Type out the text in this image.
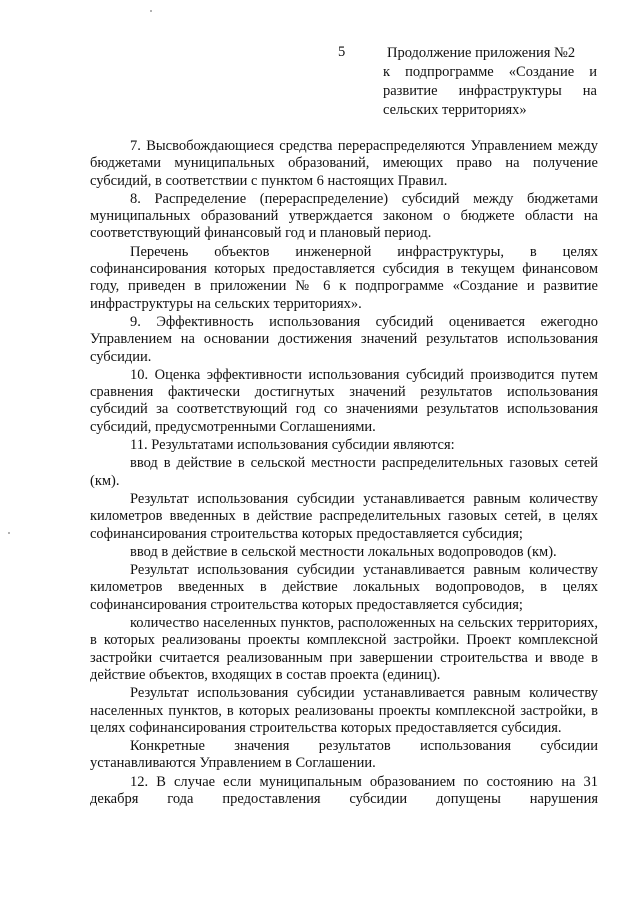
5	Продолжение приложения №2
к подпрограмме «Создание и
развитие инфраструктуры на
сельских территориях»

7. Высвобождающиеся средства перераспределяются Управлением между бюджетами муниципальных образований, имеющих право на получение субсидий, в соответствии с пунктом 6 настоящих Правил.

8. Распределение (перераспределение) субсидий между бюджетами муниципальных образований утверждается законом о бюджете области на соответствующий финансовый год и плановый период.

Перечень объектов инженерной инфраструктуры, в целях софинансирования которых предоставляется субсидия в текущем финансовом году, приведен в приложении № 6 к подпрограмме «Создание и развитие инфраструктуры на сельских территориях».

9. Эффективность использования субсидий оценивается ежегодно Управлением на основании достижения значений результатов использования субсидии.

10. Оценка эффективности использования субсидий производится путем сравнения фактически достигнутых значений результатов использования субсидий за соответствующий год со значениями результатов использования субсидий, предусмотренными Соглашениями.

11. Результатами использования субсидии являются:

ввод в действие в сельской местности распределительных газовых сетей (км).

Результат использования субсидии устанавливается равным количеству километров введенных в действие распределительных газовых сетей, в целях софинансирования строительства которых предоставляется субсидия;

ввод в действие в сельской местности локальных водопроводов (км).

Результат использования субсидии устанавливается равным количеству километров введенных в действие локальных водопроводов, в целях софинансирования строительства которых предоставляется субсидия;

количество населенных пунктов, расположенных на сельских территориях, в которых реализованы проекты комплексной застройки. Проект комплексной застройки считается реализованным при завершении строительства и вводе в действие объектов, входящих в состав проекта (единиц).

Результат использования субсидии устанавливается равным количеству населенных пунктов, в которых реализованы проекты комплексной застройки, в целях софинансирования строительства которых предоставляется субсидия.

Конкретные значения результатов использования субсидии устанавливаются Управлением в Соглашении.

12. В случае если муниципальным образованием по состоянию на 31 декабря года предоставления субсидии допущены нарушения
